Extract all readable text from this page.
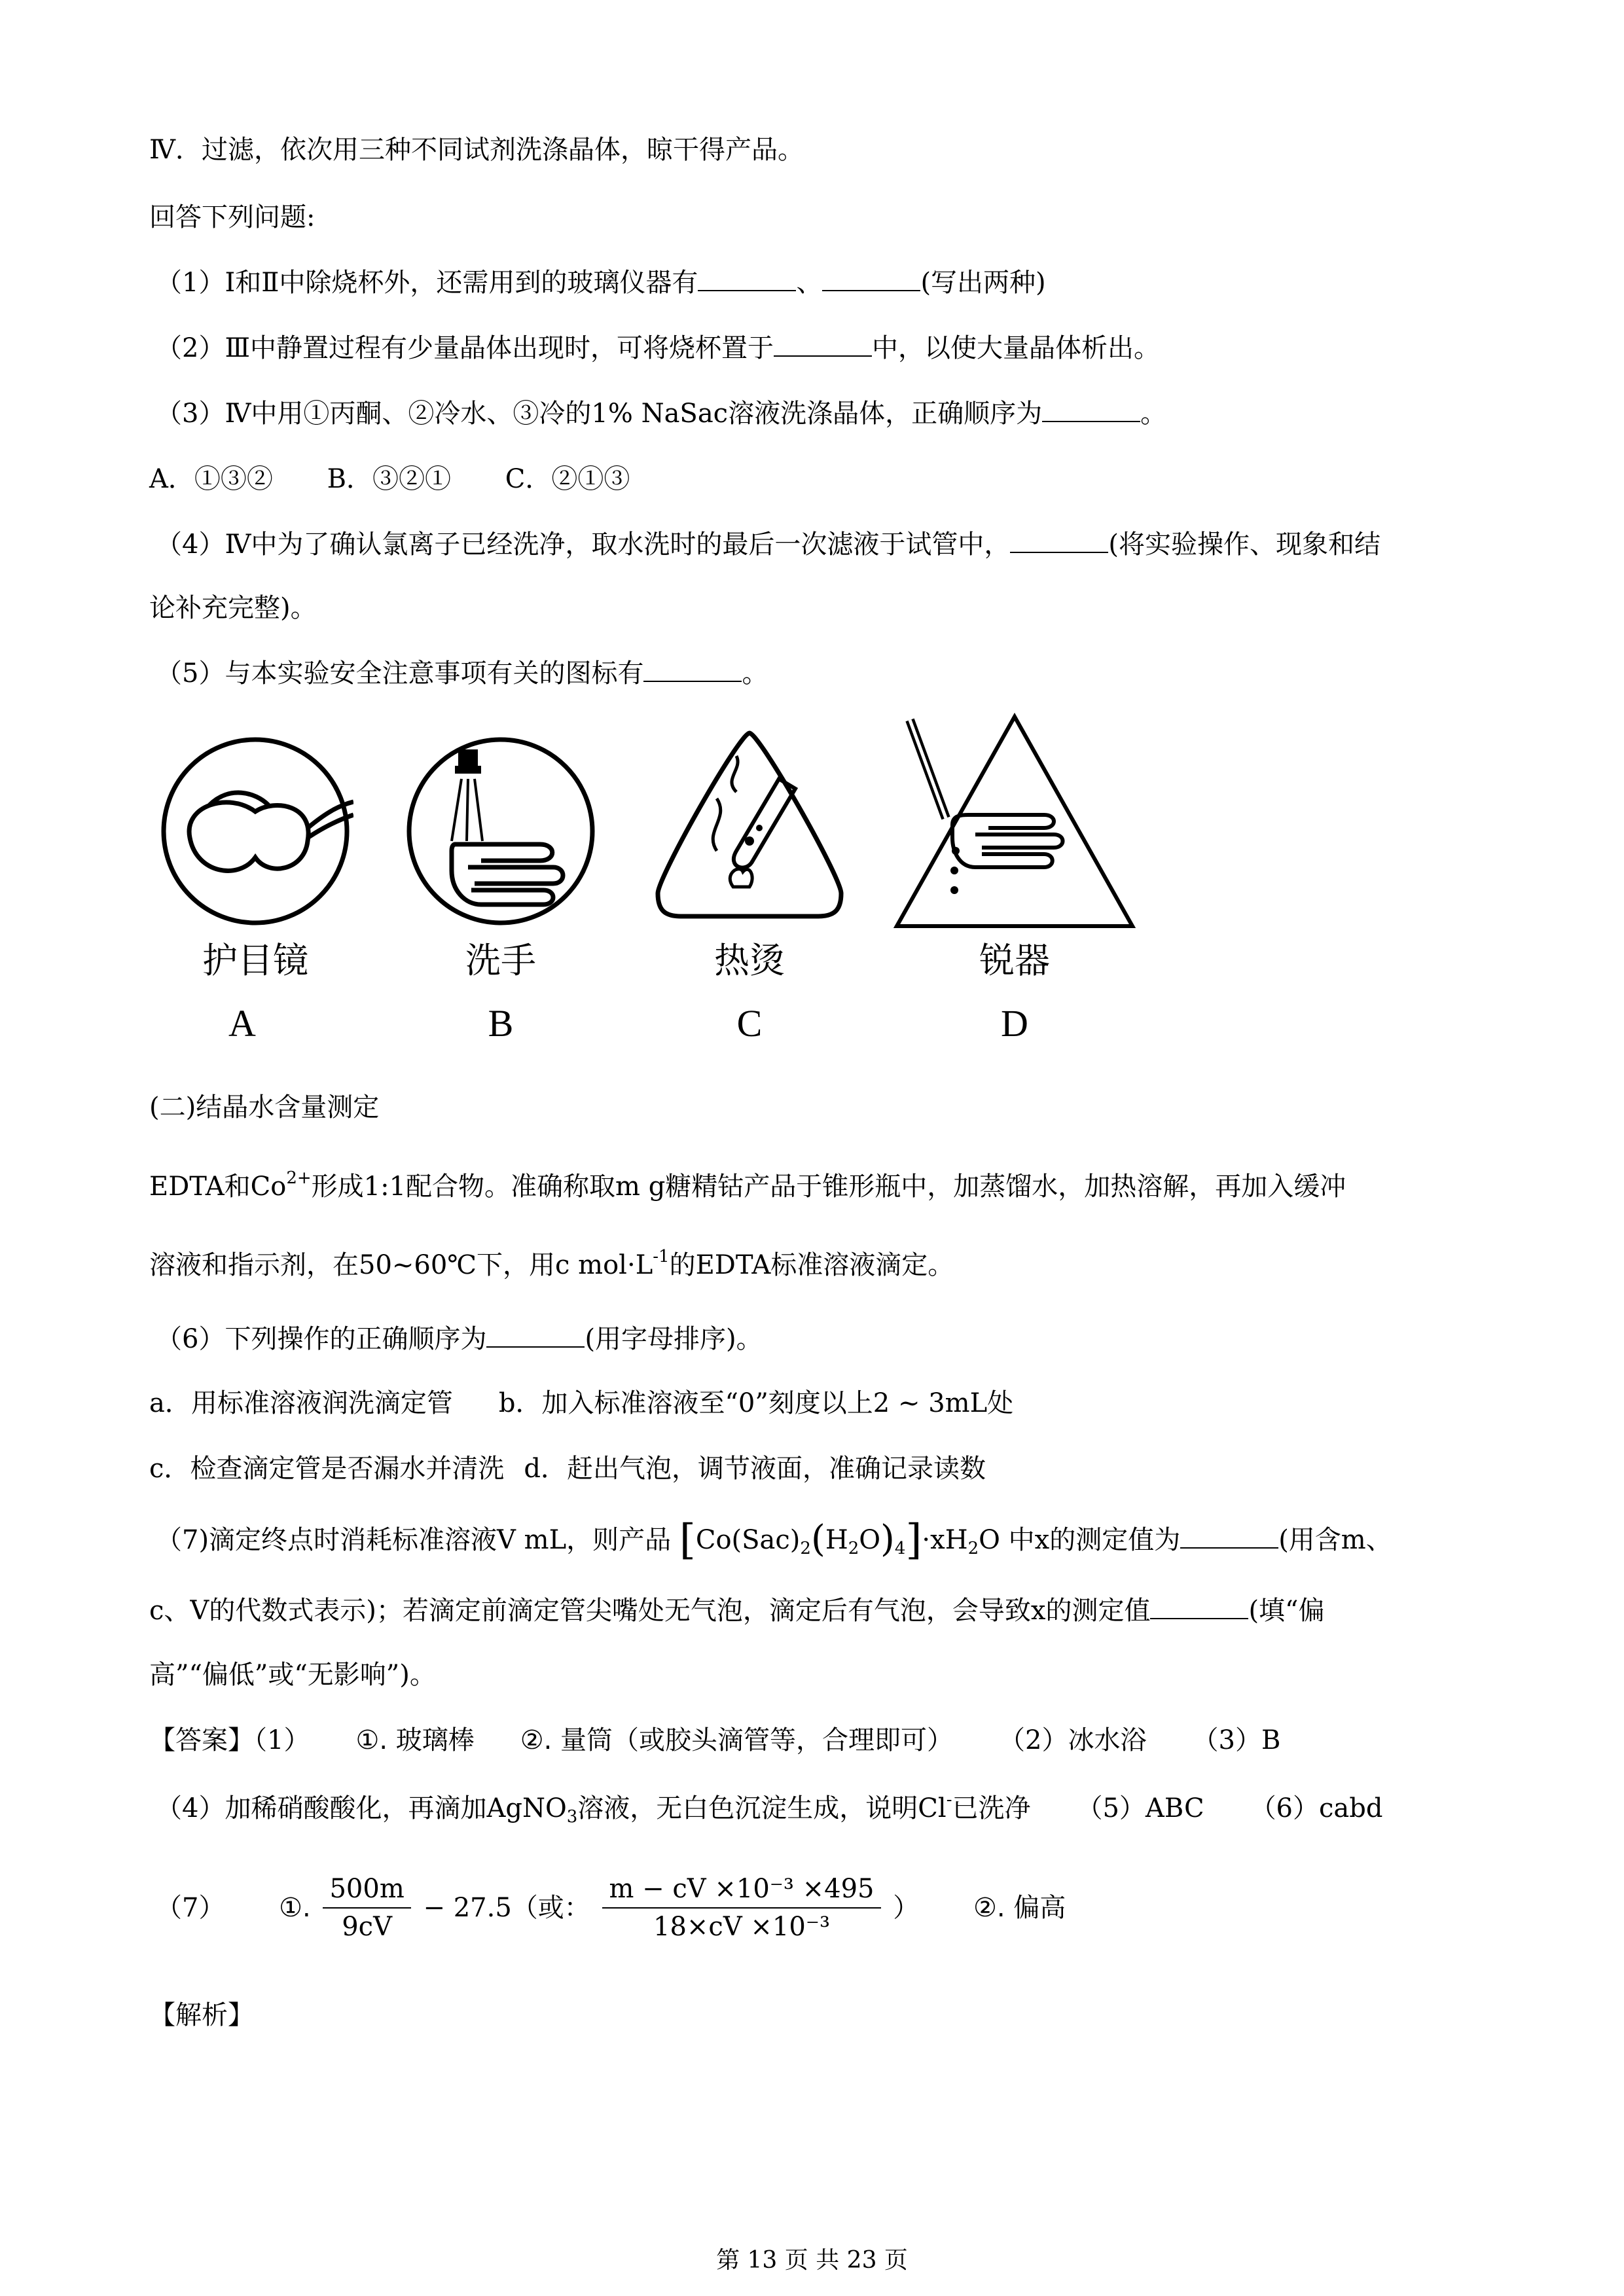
Ⅳ．过滤，依次用三种不同试剂洗涤晶体，晾干得产品。
回答下列问题:
（1）Ⅰ和Ⅱ中除烧杯外，还需用到的玻璃仪器有	、	(写出两种)
（2）Ⅲ中静置过程有少量晶体出现时，可将烧杯置于	中，以使大量晶体析出。
（3）Ⅳ中用①丙酮、②冷水、③冷的1% NaSac溶液洗涤晶体，正确顺序为	。
A．①③② B．③②① C．②①③
（4）Ⅳ中为了确认氯离子已经洗净，取水洗时的最后一次滤液于试管中，	(将实验操作、现象和结
论补充完整)。
（5）与本实验安全注意事项有关的图标有	。
护目镜	洗手	热烫	锐器
A	B	C	D
(二)结晶水含量测定
EDTA和$Co^{2+}$形成1:1配合物。准确称取m g糖精钴产品于锥形瓶中，加蒸馏水，加热溶解，再加入缓冲
溶液和指示剂，在50~60℃下，用c $mol\cdot L^{-1}$的EDTA标准溶液滴定。
（6）下列操作的正确顺序为	(用字母排序)。
a．用标准溶液润洗滴定管 b．加入标准溶液至“0”刻度以上2 ~ 3mL处
c．检查滴定管是否漏水并清洗 d．赶出气泡，调节液面，准确记录读数
（7)滴定终点时消耗标准溶液V mL，则产品 $[Co(Sac)_2(H_2O)_4]\cdot xH_2O$ 中x的测定值为	(用含m、
c、V的代数式表示)；若滴定前滴定管尖嘴处无气泡，滴定后有气泡，会导致x的测定值	(填“偏
高”“偏低”或“无影响”)。
【答案】（1） ①. 玻璃棒 ②. 量筒（或胶头滴管等，合理即可） （2）冰水浴 （3）B
（4）加稀硝酸酸化，再滴加AgNO$_3$溶液，无白色沉淀生成，说明Cl-已洗净 （5）ABC （6）cabd
（7） ①. $\frac{500m}{9cV} - 27.5$（或： $\frac{\text{m − cV ×10⁻³ ×495}}{\text{18×cV ×10⁻³}}$ ） ②. 偏高
【解析】
第 13 页 共 23 页
